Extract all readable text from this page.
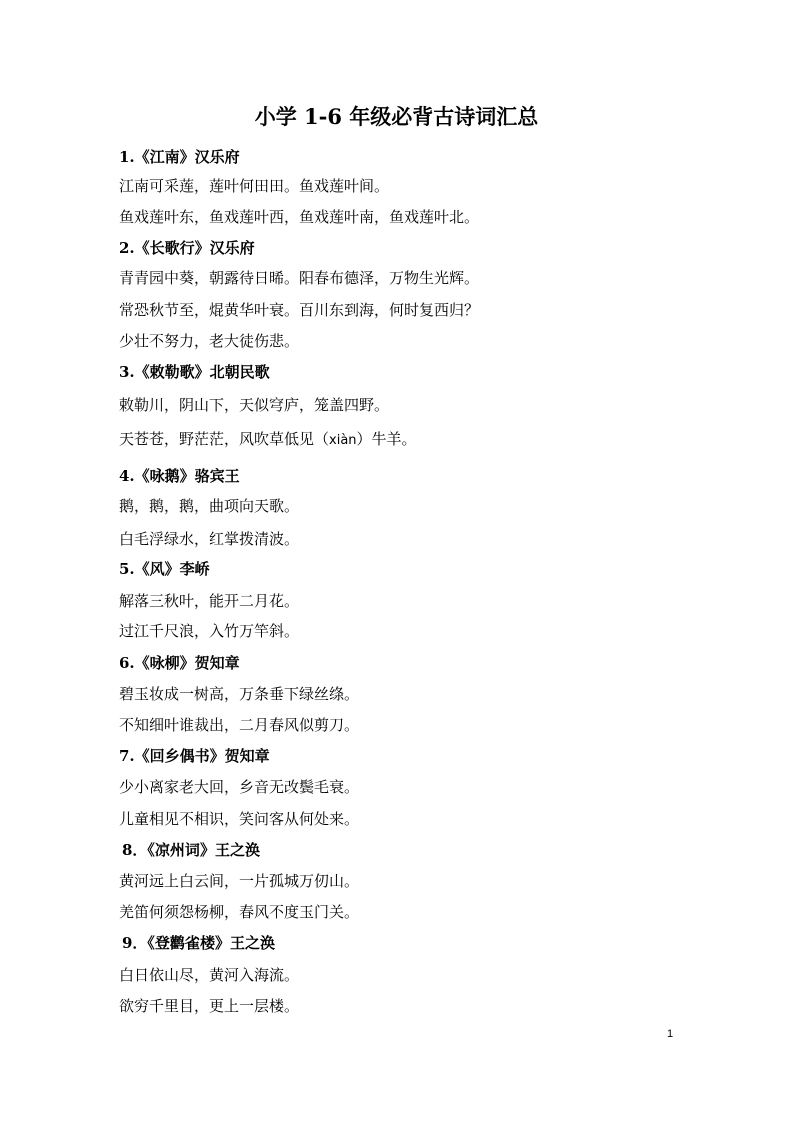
小学 1-6 年级必背古诗词汇总
1.《江南》汉乐府
江南可采莲，莲叶何田田。鱼戏莲叶间。
鱼戏莲叶东，鱼戏莲叶西，鱼戏莲叶南，鱼戏莲叶北。
2.《长歌行》汉乐府
青青园中葵，朝露待日晞。阳春布德泽，万物生光辉。
常恐秋节至，焜黄华叶衰。百川东到海，何时复西归？
少壮不努力，老大徒伤悲。
3.《敕勒歌》北朝民歌
敕勒川，阴山下，天似穹庐，笼盖四野。
天苍苍，野茫茫，风吹草低见（xiàn）牛羊。
4.《咏鹅》骆宾王
鹅，鹅，鹅，曲项向天歌。
白毛浮绿水，红掌拨清波。
5.《风》李峤
解落三秋叶，能开二月花。
过江千尺浪，入竹万竿斜。
6.《咏柳》贺知章
碧玉妆成一树高，万条垂下绿丝绦。
不知细叶谁裁出，二月春风似剪刀。
7.《回乡偶书》贺知章
少小离家老大回，乡音无改鬓毛衰。
儿童相见不相识，笑问客从何处来。
8．《凉州词》王之涣
黄河远上白云间，一片孤城万仞山。
羌笛何须怨杨柳，春风不度玉门关。
9．《登鹳雀楼》王之涣
白日依山尽，黄河入海流。
欲穷千里目，更上一层楼。
1
